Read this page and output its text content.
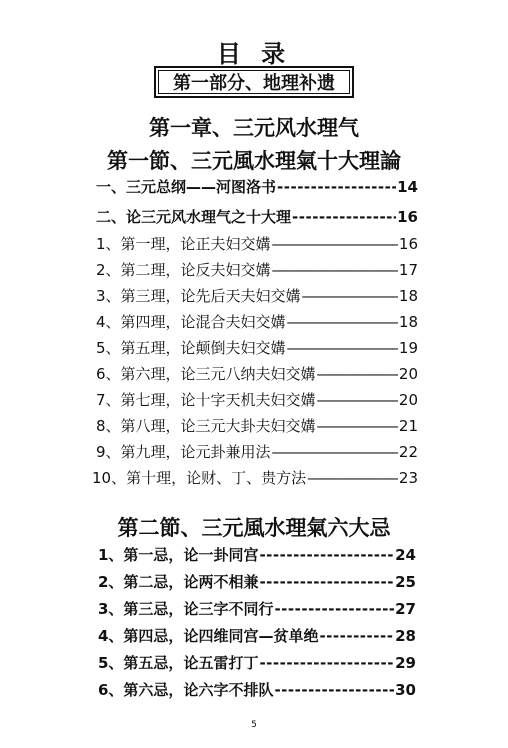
目 录
第一部分、地理补遗
第一章、三元风水理气
第一節、三元風水理氣十大理論
一、三元总纲——河图洛书 -----	14
二、论三元风水理气之十大理 -----	16
1、第一理，论正夫妇交媾 —————	16
2、第二理，论反夫妇交媾 —————	17
3、第三理，论先后天夫妇交媾 —————	18
4、第四理，论混合夫妇交媾 —————	18
5、第五理，论颠倒夫妇交媾 —————	19
6、第六理，论三元八纳夫妇交媾 —————	20
7、第七理，论十字天机夫妇交媾 —————	20
8、第八理，论三元大卦夫妇交媾 —————	21
9、第九理，论元卦兼用法 —————	22
10、第十理，论财、丁、贵方法 —————	23
第二節、三元風水理氣六大忌
1、第一忌，论一卦同宫 -----	24
2、第二忌，论两不相兼 -----	25
3、第三忌，论三字不同行 -----	27
4、第四忌，论四维同宫—贫单绝 -----	28
5、第五忌，论五雷打丁 -----	29
6、第六忌，论六字不排队 -----	30
5
